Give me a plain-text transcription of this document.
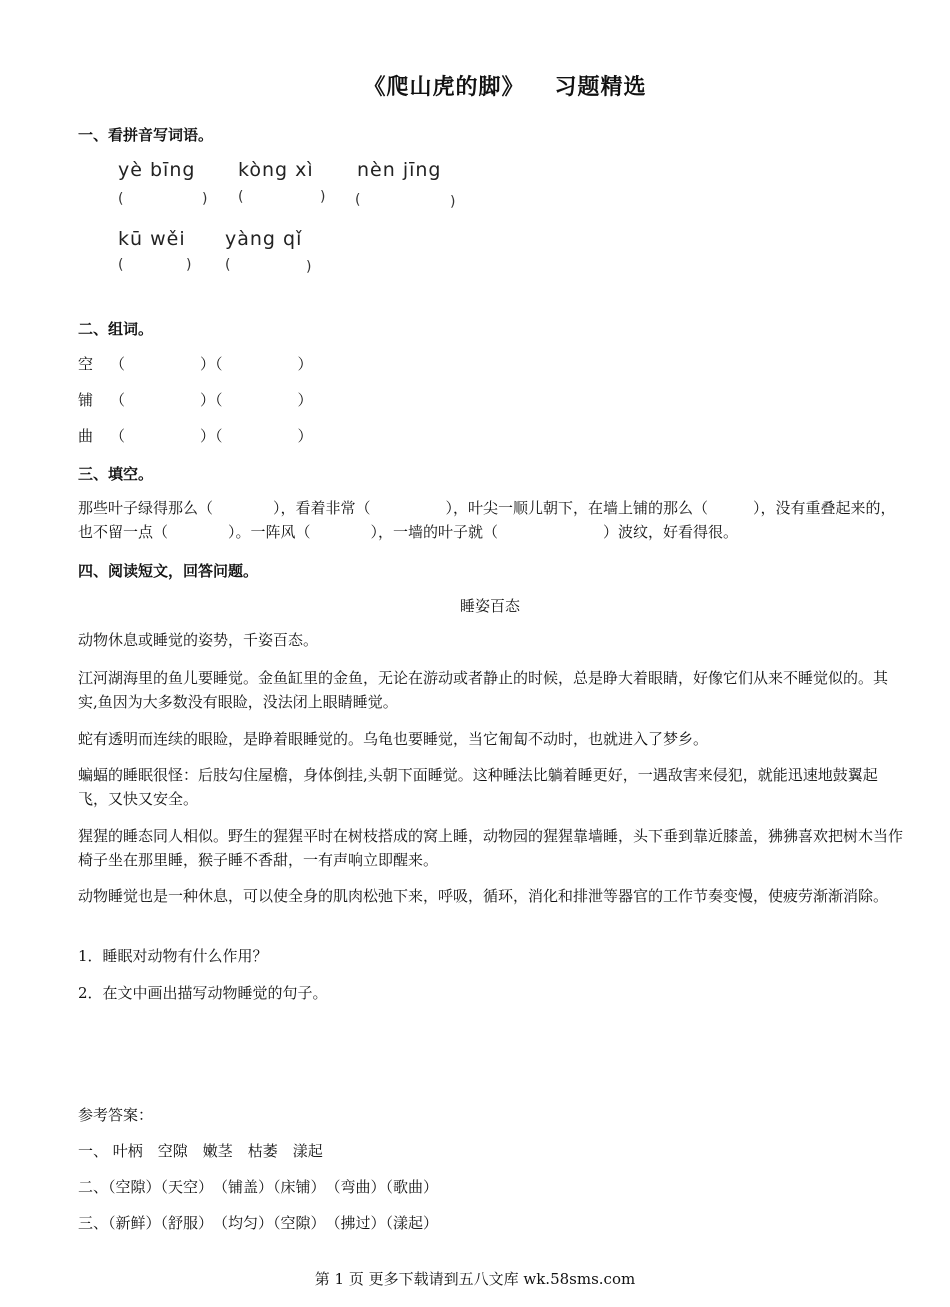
《爬山虎的脚》 习题精选
一、看拼音写词语。
yè bīng
(	)
kòng xì
(	)
nèn jīng
(	)
kū wěi
(	)
yàng qǐ
(	)
二、组词。
空 （　　　　　）（　　　　　）
铺 （　　　　　）（　　　　　）
曲 （　　　　　）（　　　　　）
三、填空。
那些叶子绿得那么（　　　　），看着非常（　　　　　），叶尖一顺儿朝下，在墙上铺的那么（　　　），没有重叠起来的，也不留一点（　　　　）。一阵风（　　　　），一墙的叶子就（　　　　　　　）波纹，好看得很。
四、阅读短文，回答问题。
睡姿百态
动物休息或睡觉的姿势，千姿百态。
江河湖海里的鱼儿要睡觉。金鱼缸里的金鱼，无论在游动或者静止的时候，总是睁大着眼睛，好像它们从来不睡觉似的。其实,鱼因为大多数没有眼睑，没法闭上眼睛睡觉。
蛇有透明而连续的眼睑，是睁着眼睡觉的。乌龟也要睡觉，当它匍匐不动时，也就进入了梦乡。
蝙蝠的睡眠很怪：后肢勾住屋檐，身体倒挂,头朝下面睡觉。这种睡法比躺着睡更好，一遇敌害来侵犯，就能迅速地鼓翼起飞，又快又安全。
猩猩的睡态同人相似。野生的猩猩平时在树枝搭成的窝上睡，动物园的猩猩靠墙睡，头下垂到靠近膝盖，狒狒喜欢把树木当作椅子坐在那里睡，猴子睡不香甜，一有声响立即醒来。
动物睡觉也是一种休息，可以使全身的肌肉松弛下来，呼吸，循环，消化和排泄等器官的工作节奏变慢，使疲劳渐渐消除。
1．睡眠对动物有什么作用？
2．在文中画出描写动物睡觉的句子。
参考答案：
一、 叶柄　空隙　嫩茎　枯萎　漾起
二、（空隙）（天空）　（铺盖）（床铺）　（弯曲）（歌曲）
三、（新鲜）（舒服）　（均匀）（空隙）　（拂过）（漾起）
第 1 页 更多下载请到五八文库 wk.58sms.com
